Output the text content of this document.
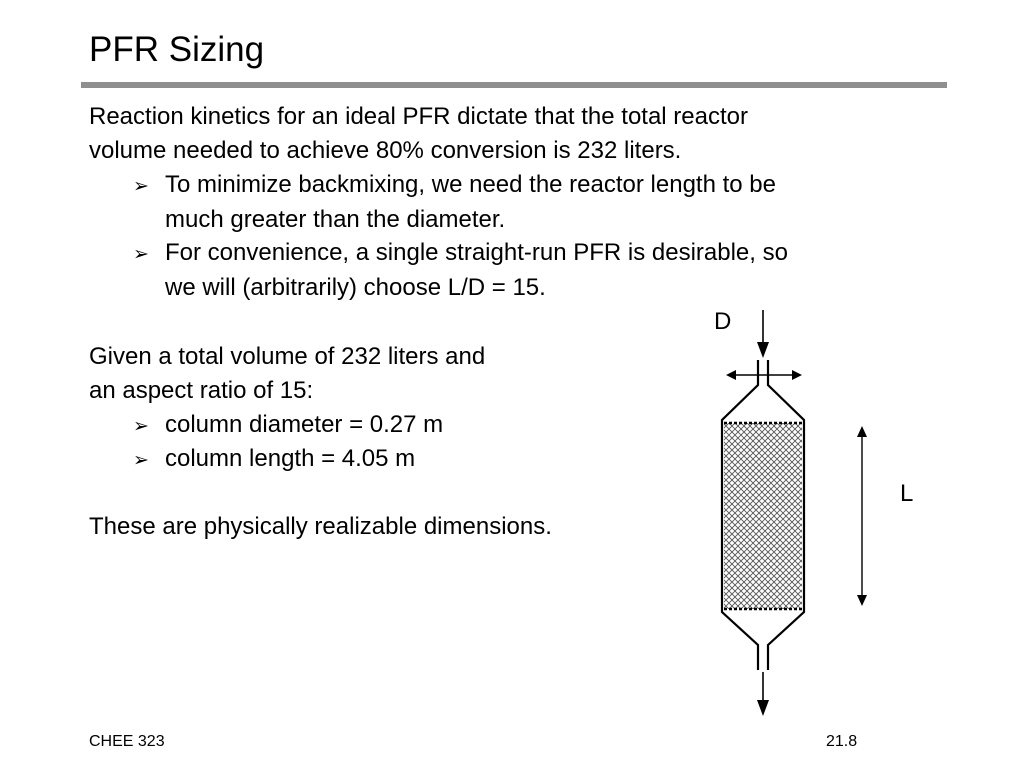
PFR Sizing
Reaction kinetics for an ideal PFR dictate that the total reactor
volume needed to achieve 80% conversion is 232 liters.
➢ To minimize backmixing, we need the reactor length to be
much greater than the diameter.
➢ For convenience, a single straight-run PFR is desirable, so
we will (arbitrarily) choose L/D = 15.
Given a total volume of 232 liters and
an aspect ratio of 15:
➢ column diameter = 0.27 m
➢ column length = 4.05 m
These are physically realizable dimensions.
D
L
CHEE 323	21.8
